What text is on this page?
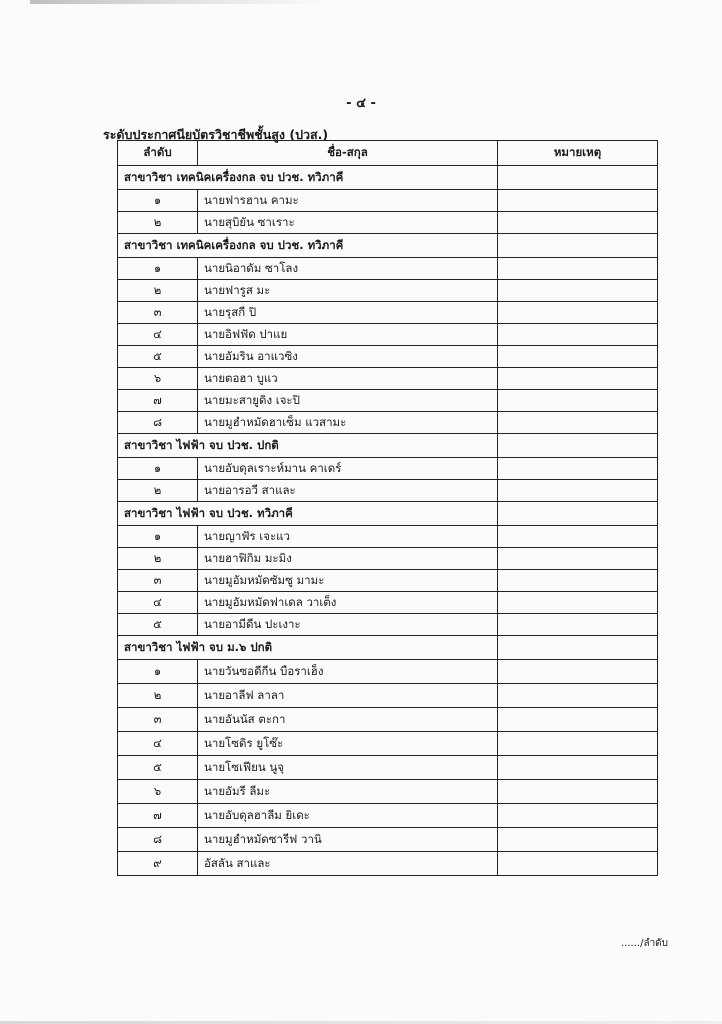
- ๔ -
ระดับประกาศนียบัตรวิชาชีพชั้นสูง (ปวส.)
ลำดับ	ชื่อ-สกุล	หมายเหตุ
สาขาวิชา เทคนิคเครื่องกล จบ ปวช. ทวิภาคี		
๑	นายฟารฮาน คามะ	
๒	นายสุบิยัน ซาเราะ	
สาขาวิชา เทคนิคเครื่องกล จบ ปวช. ทวิภาคี		
๑	นายนิอาดัม ซาโลง	
๒	นายฟารูส มะ	
๓	นายรุสกี ปิ	
๔	นายอิฟฟัด ปาแย	
๕	นายอัมริน อาแวซิง	
๖	นายตอฮา บูแว	
๗	นายมะสายูดิง เจะปิ	
๘	นายมูฮำหมัดฮาเซ็ม แวสามะ	
สาขาวิชา ไฟฟ้า จบ ปวช. ปกติ		
๑	นายอับดุลเราะห์มาน คาเดร์	
๒	นายอารอวี สาและ	
สาขาวิชา ไฟฟ้า จบ ปวช. ทวิภาคี		
๑	นายญาฟัร เจะแว	
๒	นายฮาฟิกิม มะมิง	
๓	นายมูอัมหมัดซัมซู มามะ	
๔	นายมูอัมหมัดฟาเดล วาเต็ง	
๕	นายอามีดีน ปะเงาะ	
สาขาวิชา ไฟฟ้า จบ ม.๖ ปกติ		
๑	นายวันซอดีกีน บือราเฮ็ง	
๒	นายอาลีฟ ลาลา	
๓	นายอันนัส ตะกา	
๔	นายโซดิร ยูโซ๊ะ	
๕	นายโซเฟียน นูจุ	
๖	นายอัมรี ลีมะ	
๗	นายอับดุลฮาลีม ยิเดะ	
๘	นายมูฮำหมัดซารีฟ วานิ	
๙	อัสลัน สาและ	
....../ลำดับ
